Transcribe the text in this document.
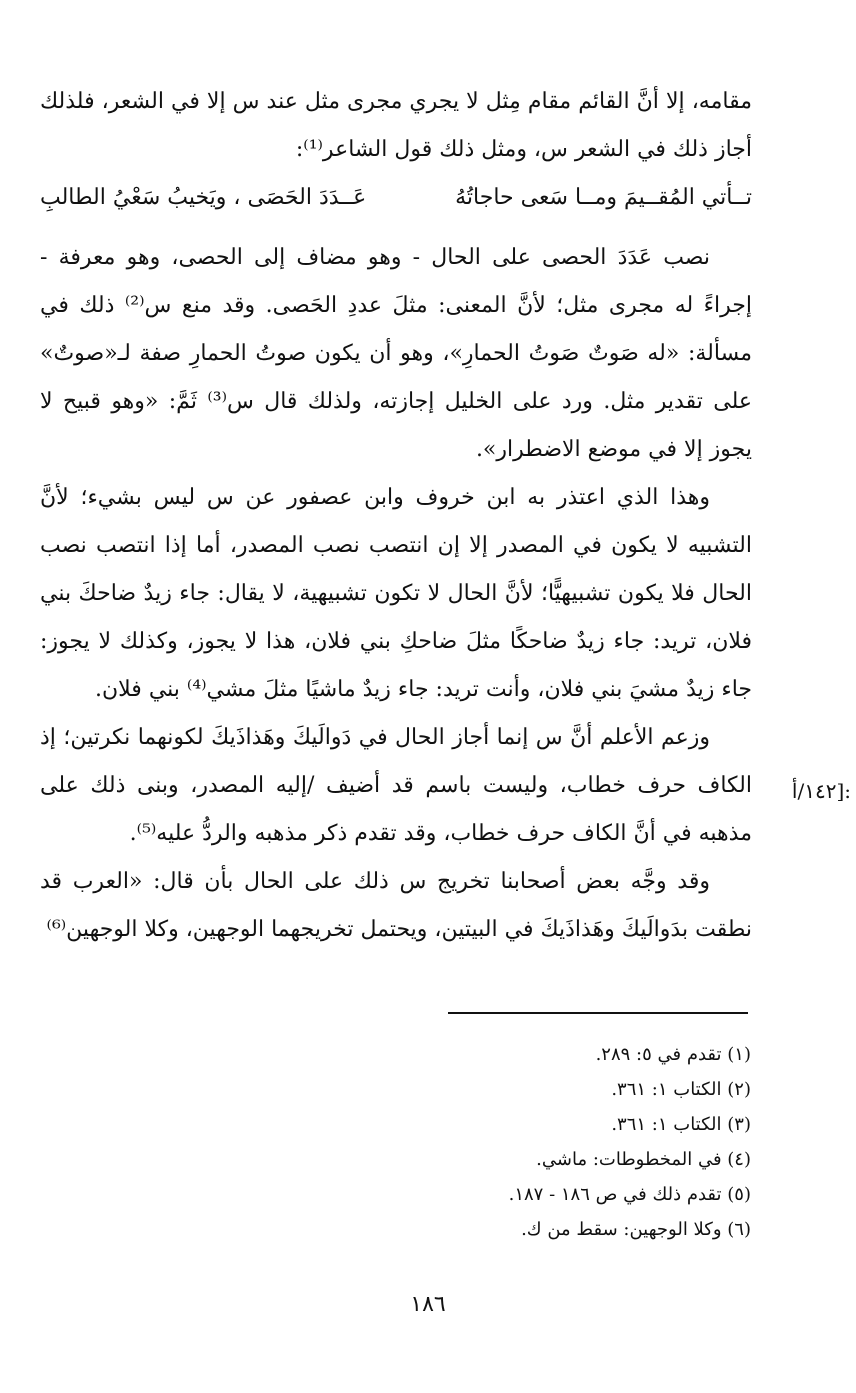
مقامه، إلا أنَّ القائم مقام مِثل لا يجري مجرى مثل عند س إلا في الشعر، فلذلك أجاز ذلك في الشعر س، ومثل ذلك قول الشاعر⁽¹⁾:

تــأتي المُقــيمَ ومــا سَعى حاجاتُهُ
عَــدَدَ الحَصَى ، ويَخيبُ سَعْيُ الطالبِ

نصب عَدَدَ الحصى على الحال - وهو مضاف إلى الحصى، وهو معرفة - إجراءً له مجرى مثل؛ لأنَّ المعنى: مثلَ عددِ الحَصى. وقد منع س⁽²⁾ ذلك في مسألة: «له صَوتٌ صَوتُ الحمارِ»، وهو أن يكون صوتُ الحمارِ صفة لـ«صوتٌ» على تقدير مثل. ورد على الخليل إجازته، ولذلك قال س⁽³⁾ ثَمَّ: «وهو قبيح لا يجوز إلا في موضع الاضطرار».

وهذا الذي اعتذر به ابن خروف وابن عصفور عن س ليس بشيء؛ لأنَّ التشبيه لا يكون في المصدر إلا إن انتصب نصب المصدر، أما إذا انتصب نصب الحال فلا يكون تشبيهيًّا؛ لأنَّ الحال لا تكون تشبيهية، لا يقال: جاء زيدٌ ضاحكَ بني فلان، تريد: جاء زيدٌ ضاحكًا مثلَ ضاحكِ بني فلان، هذا لا يجوز، وكذلك لا يجوز: جاء زيدٌ مشيَ بني فلان، وأنت تريد: جاء زيدٌ ماشيًا مثلَ مشي⁽⁴⁾ بني فلان.

وزعم الأعلم أنَّ س إنما أجاز الحال في دَوالَيكَ وهَذاذَيكَ لكونهما نكرتين؛ إذ الكاف حرف خطاب، وليست باسم قد أضيف /إليه المصدر، وبنى ذلك على مذهبه في أنَّ الكاف حرف خطاب، وقد تقدم ذكر مذهبه والردُّ عليه⁽⁵⁾.

وقد وجَّه بعض أصحابنا تخريج س ذلك على الحال بأن قال: «العرب قد نطقت بدَوالَيكَ وهَذاذَيكَ في البيتين، ويحتمل تخريجهما الوجهين، وكلا الوجهين⁽⁶⁾

١٤٢/أ]:
(١) تقدم في ٥: ٢٨٩.
(٢) الكتاب ١: ٣٦١.
(٣) الكتاب ١: ٣٦١.
(٤) في المخطوطات: ماشي.
(٥) تقدم ذلك في ص ١٨٦ - ١٨٧.
(٦) وكلا الوجهين: سقط من ك.
١٨٦
